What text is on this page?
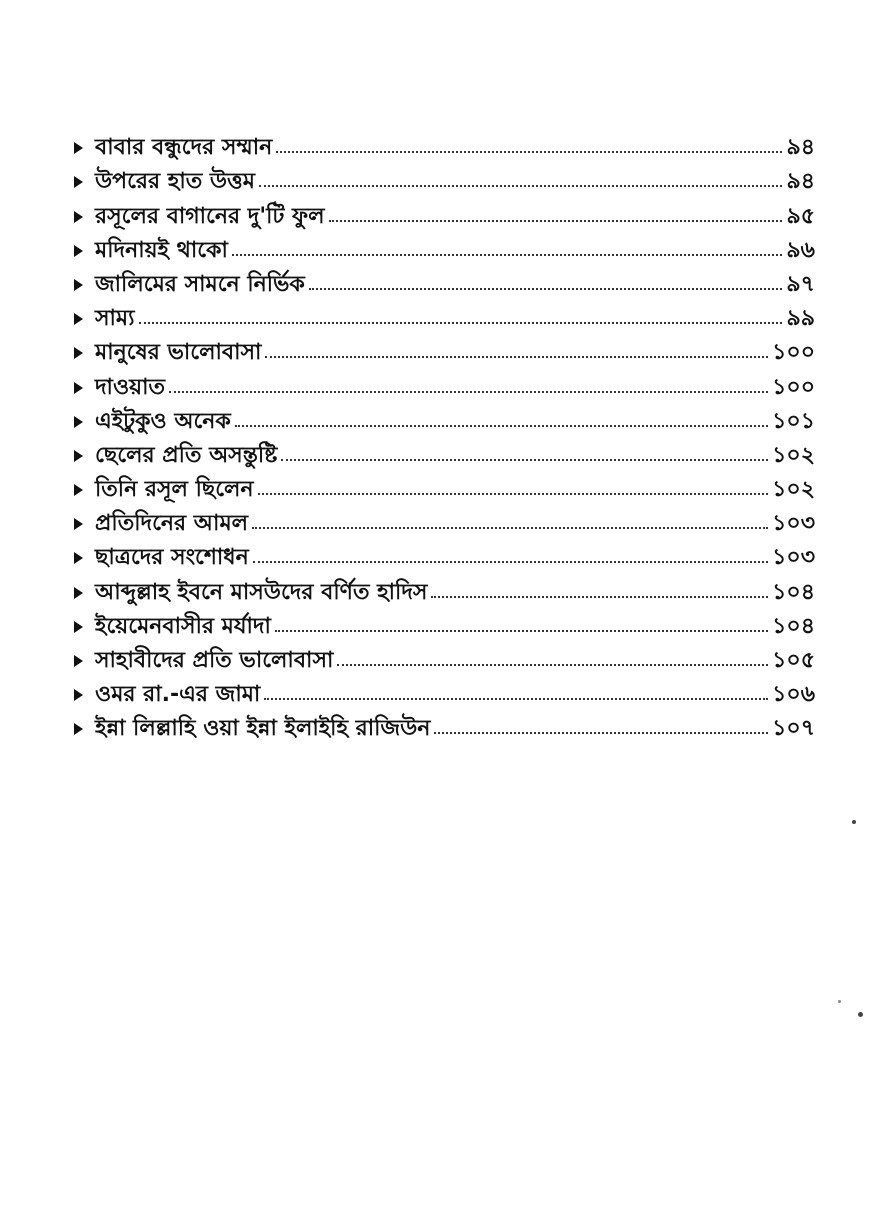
বাবার বন্ধুদের সম্মান	৯৪
উপরের হাত উত্তম	৯৪
রসূলের বাগানের দু'টি ফুল	৯৫
মদিনায়ই থাকো	৯৬
জালিমের সামনে নির্ভিক	৯৭
সাম্য	৯৯
মানুষের ভালোবাসা	১০০
দাওয়াত	১০০
এইটুকুও অনেক	১০১
ছেলের প্রতি অসন্তুষ্টি	১০২
তিনি রসূল ছিলেন	১০২
প্রতিদিনের আমল	১০৩
ছাত্রদের সংশোধন	১০৩
আব্দুল্লাহ ইবনে মাসউদের বর্ণিত হাদিস	১০৪
ইয়েমেনবাসীর মর্যাদা	১০৪
সাহাবীদের প্রতি ভালোবাসা	১০৫
ওমর রা.-এর জামা	১০৬
ইন্না লিল্লাহি ওয়া ইন্না ইলাইহি রাজিউন	১০৭
